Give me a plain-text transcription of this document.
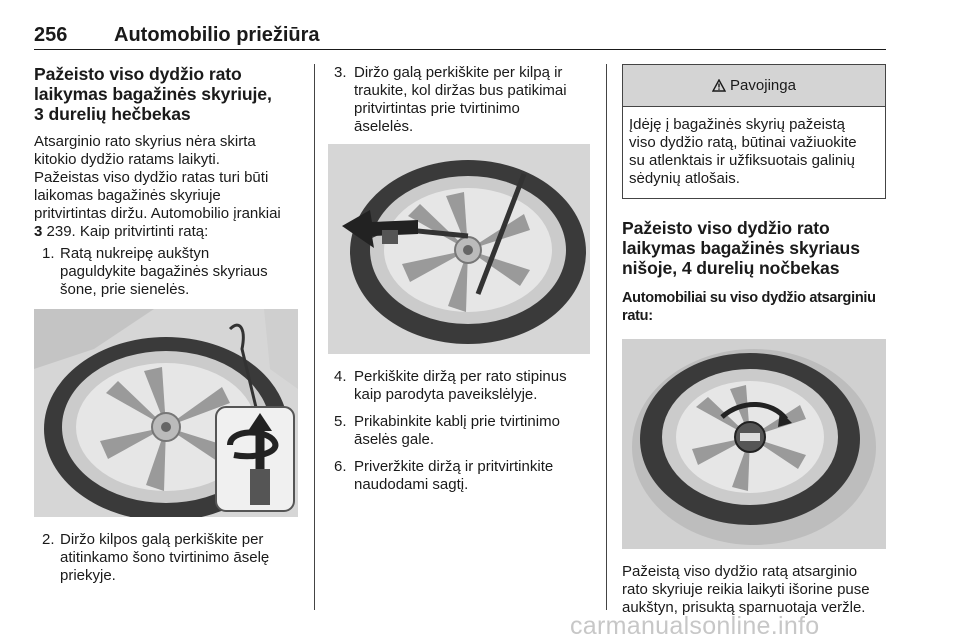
256 Automobilio priežiūra
Pažeisto viso dydžio rato
laikymas bagažinės skyriuje,
3 durelių hečbekas
Atsarginio rato skyrius nėra skirta
kitokio dydžio ratams laikyti.
Pažeistas viso dydžio ratas turi būti
laikomas bagažinės skyriuje
pritvirtintas diržu. Automobilio įrankiai
3 239. Kaip pritvirtinti ratą:
1. Ratą nukreipę aukštyn
paguldykite bagažinės skyriaus
šone, prie sienelės.
2. Diržo kilpos galą perkiškite per
atitinkamo šono tvirtinimo āselę
priekyje.
3. Diržo galą perkiškite per kilpą ir
traukite, kol diržas bus patikimai
pritvirtintas prie tvirtinimo
āselelės.
4. Perkiškite diržą per rato stipinus
kaip parodyta paveikslėlyje.
5. Prikabinkite kablį prie tvirtinimo
āselės gale.
6. Priveržkite diržą ir pritvirtinkite
naudodami sagtį.
Pavojinga
Įdėję į bagažinės skyrių pažeistą
viso dydžio ratą, būtinai važiuokite
su atlenktais ir užfiksuotais galinių
sėdynių atlošais.
Pažeisto viso dydžio rato
laikymas bagažinės skyriaus
nišoje, 4 durelių nočbekas
Automobiliai su viso dydžio atsarginiu
ratu:
Pažeistą viso dydžio ratą atsarginio
rato skyriuje reikia laikyti išorine puse
aukštyn, prisuktą sparnuotaja veržle.
carmanualsonline.info
